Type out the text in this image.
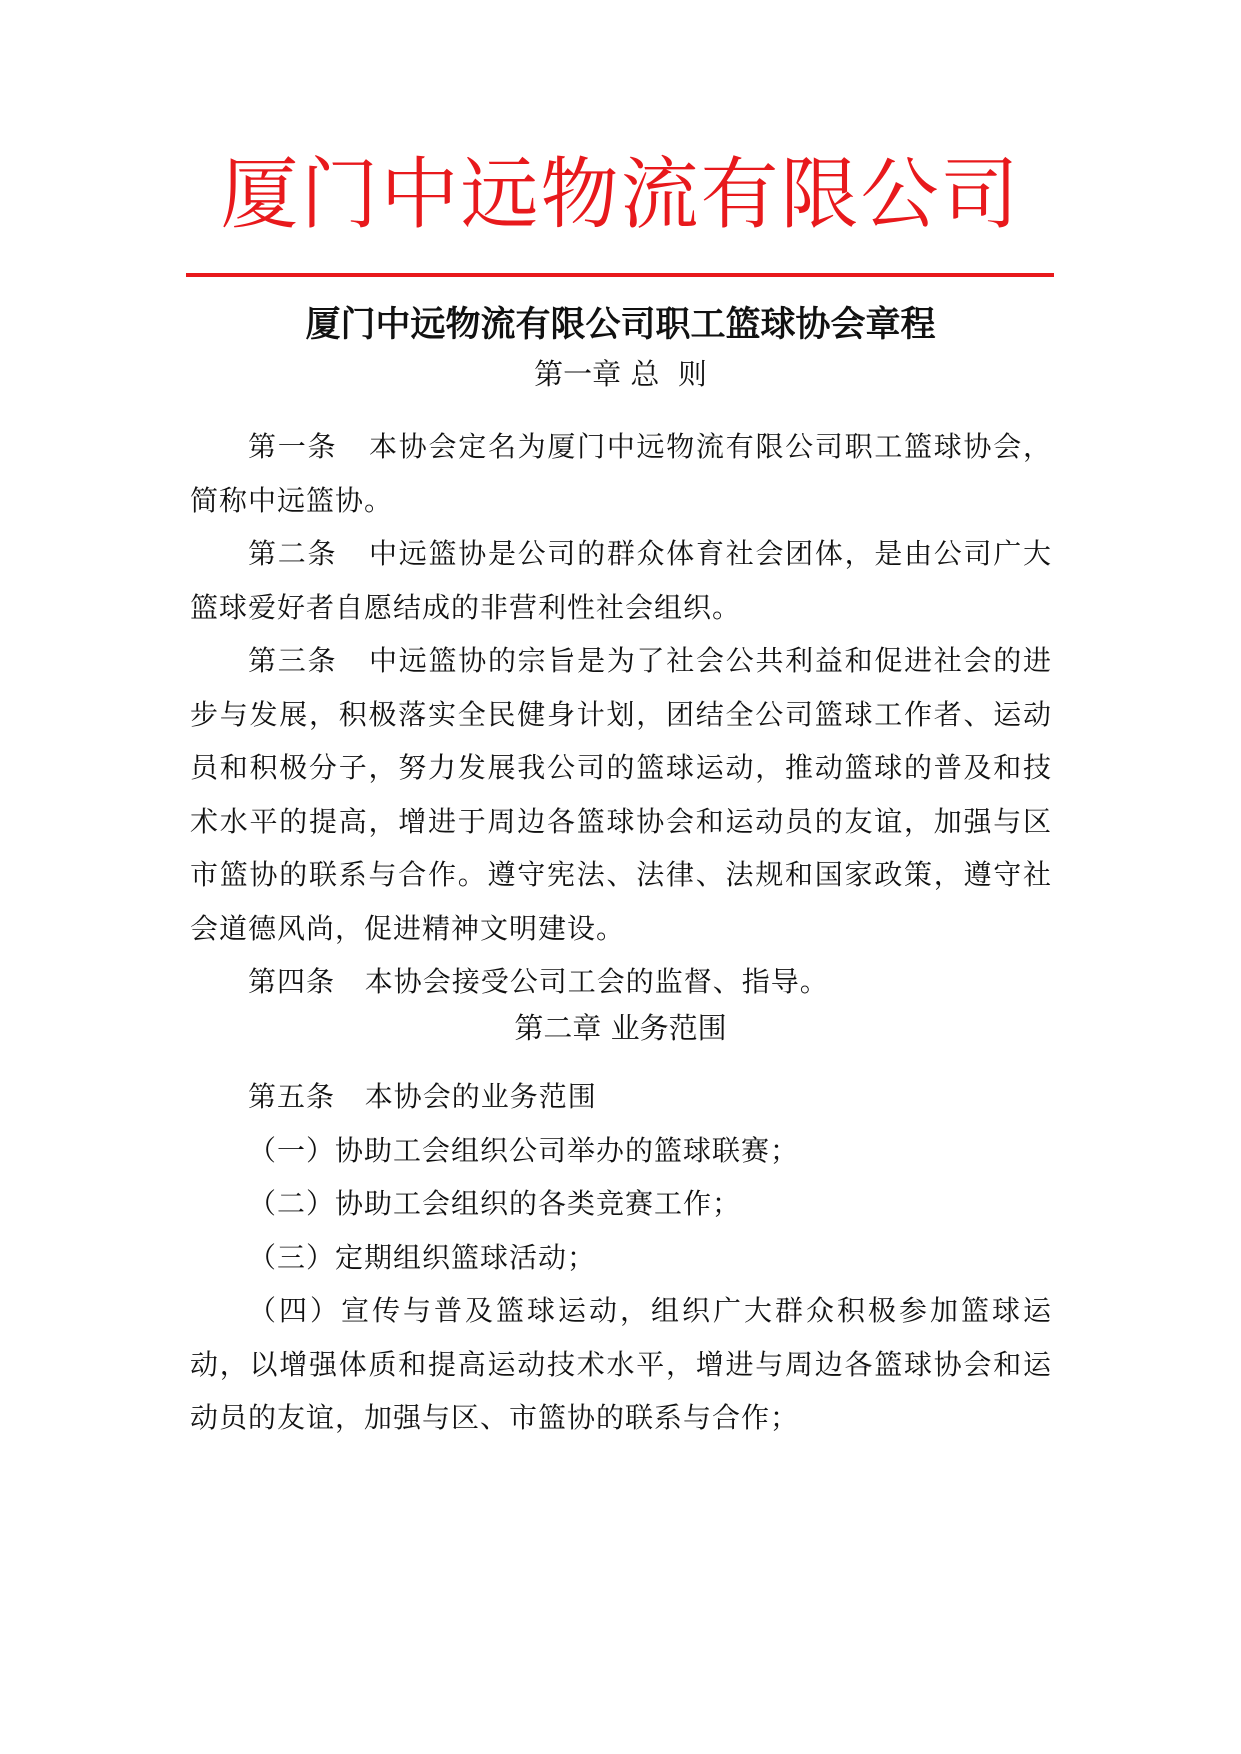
厦门中远物流有限公司
厦门中远物流有限公司职工篮球协会章程
第一章 总  则

第一条 本协会定名为厦门中远物流有限公司职工篮球协会，简称中远篮协。

第二条 中远篮协是公司的群众体育社会团体，是由公司广大篮球爱好者自愿结成的非营利性社会组织。

第三条 中远篮协的宗旨是为了社会公共利益和促进社会的进步与发展，积极落实全民健身计划，团结全公司篮球工作者、运动员和积极分子，努力发展我公司的篮球运动，推动篮球的普及和技术水平的提高，增进于周边各篮球协会和运动员的友谊，加强与区市篮协的联系与合作。遵守宪法、法律、法规和国家政策，遵守社会道德风尚，促进精神文明建设。

第四条 本协会接受公司工会的监督、指导。

第二章 业务范围

第五条 本协会的业务范围

（一）协助工会组织公司举办的篮球联赛；

（二）协助工会组织的各类竞赛工作；

（三）定期组织篮球活动；

（四）宣传与普及篮球运动，组织广大群众积极参加篮球运动，以增强体质和提高运动技术水平，增进与周边各篮球协会和运动员的友谊，加强与区、市篮协的联系与合作；
